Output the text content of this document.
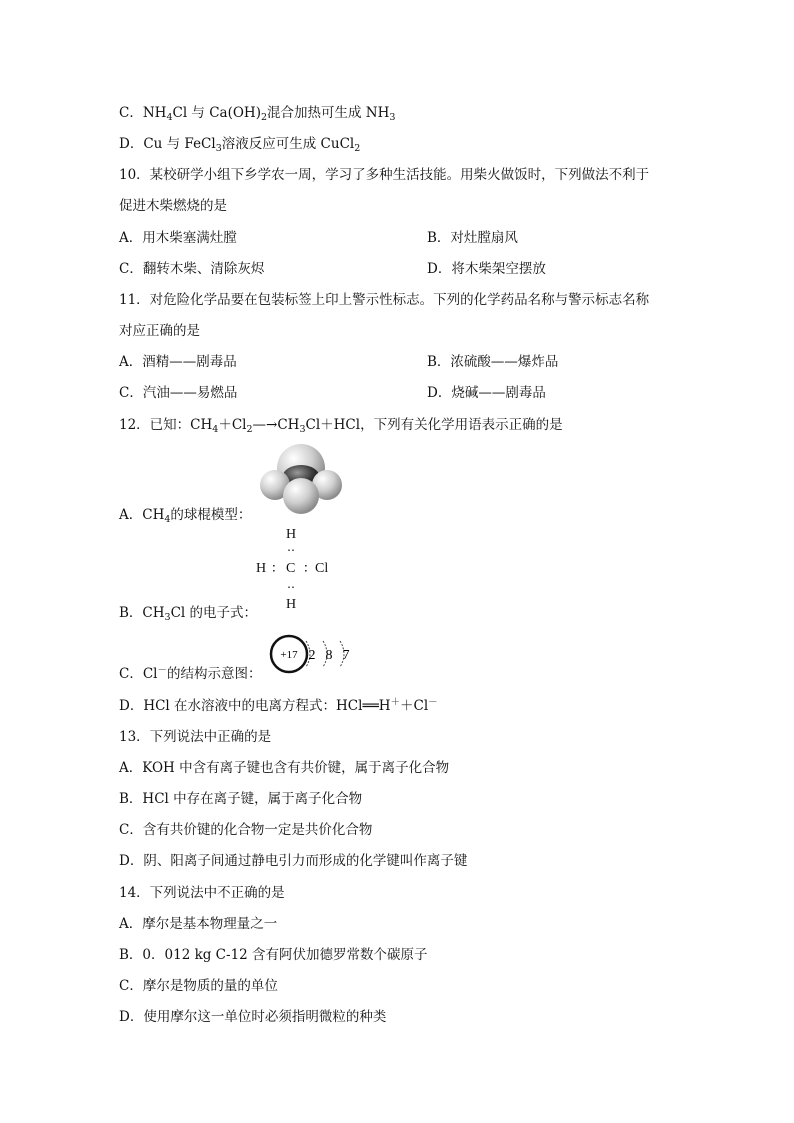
C．$NH_4Cl$ 与 $Ca(OH)_2$混合加热可生成 $NH_3$
D．Cu 与 FeCl$_3$溶液反应可生成 CuCl$_2$
10．某校研学小组下乡学农一周，学习了多种生活技能。用柴火做饭时，下列做法不利于
促进木柴燃烧的是
A．用木柴塞满灶膛	B．对灶膛扇风
C．翻转木柴、清除灰烬	D．将木柴架空摆放
11．对危险化学品要在包装标签上印上警示性标志。下列的化学药品名称与警示标志名称
对应正确的是
A．酒精——剧毒品	B．浓硫酸——爆炸品
C．汽油——易燃品	D．烧碱——剧毒品
12．已知：$CH_4+Cl_2—\to CH_3Cl+HCl$，下列有关化学用语表示正确的是
A．$CH_4$的球棍模型：
H
‥
H ∶ C ∶ Cl
‥
H
B．$CH_3Cl$ 的电子式：
+17 2 8 7
C．Cl－的结构示意图：
D．HCl 在水溶液中的电离方程式：HCl══H＋＋Cl－
13．下列说法中正确的是
A．KOH 中含有离子键也含有共价键，属于离子化合物
B．HCl 中存在离子键，属于离子化合物
C．含有共价键的化合物一定是共价化合物
D．阴、阳离子间通过静电引力而形成的化学键叫作离子键
14．下列说法中不正确的是
A．摩尔是基本物理量之一
B．0．012 kg C-12 含有阿伏加德罗常数个碳原子
C．摩尔是物质的量的单位
D．使用摩尔这一单位时必须指明微粒的种类
